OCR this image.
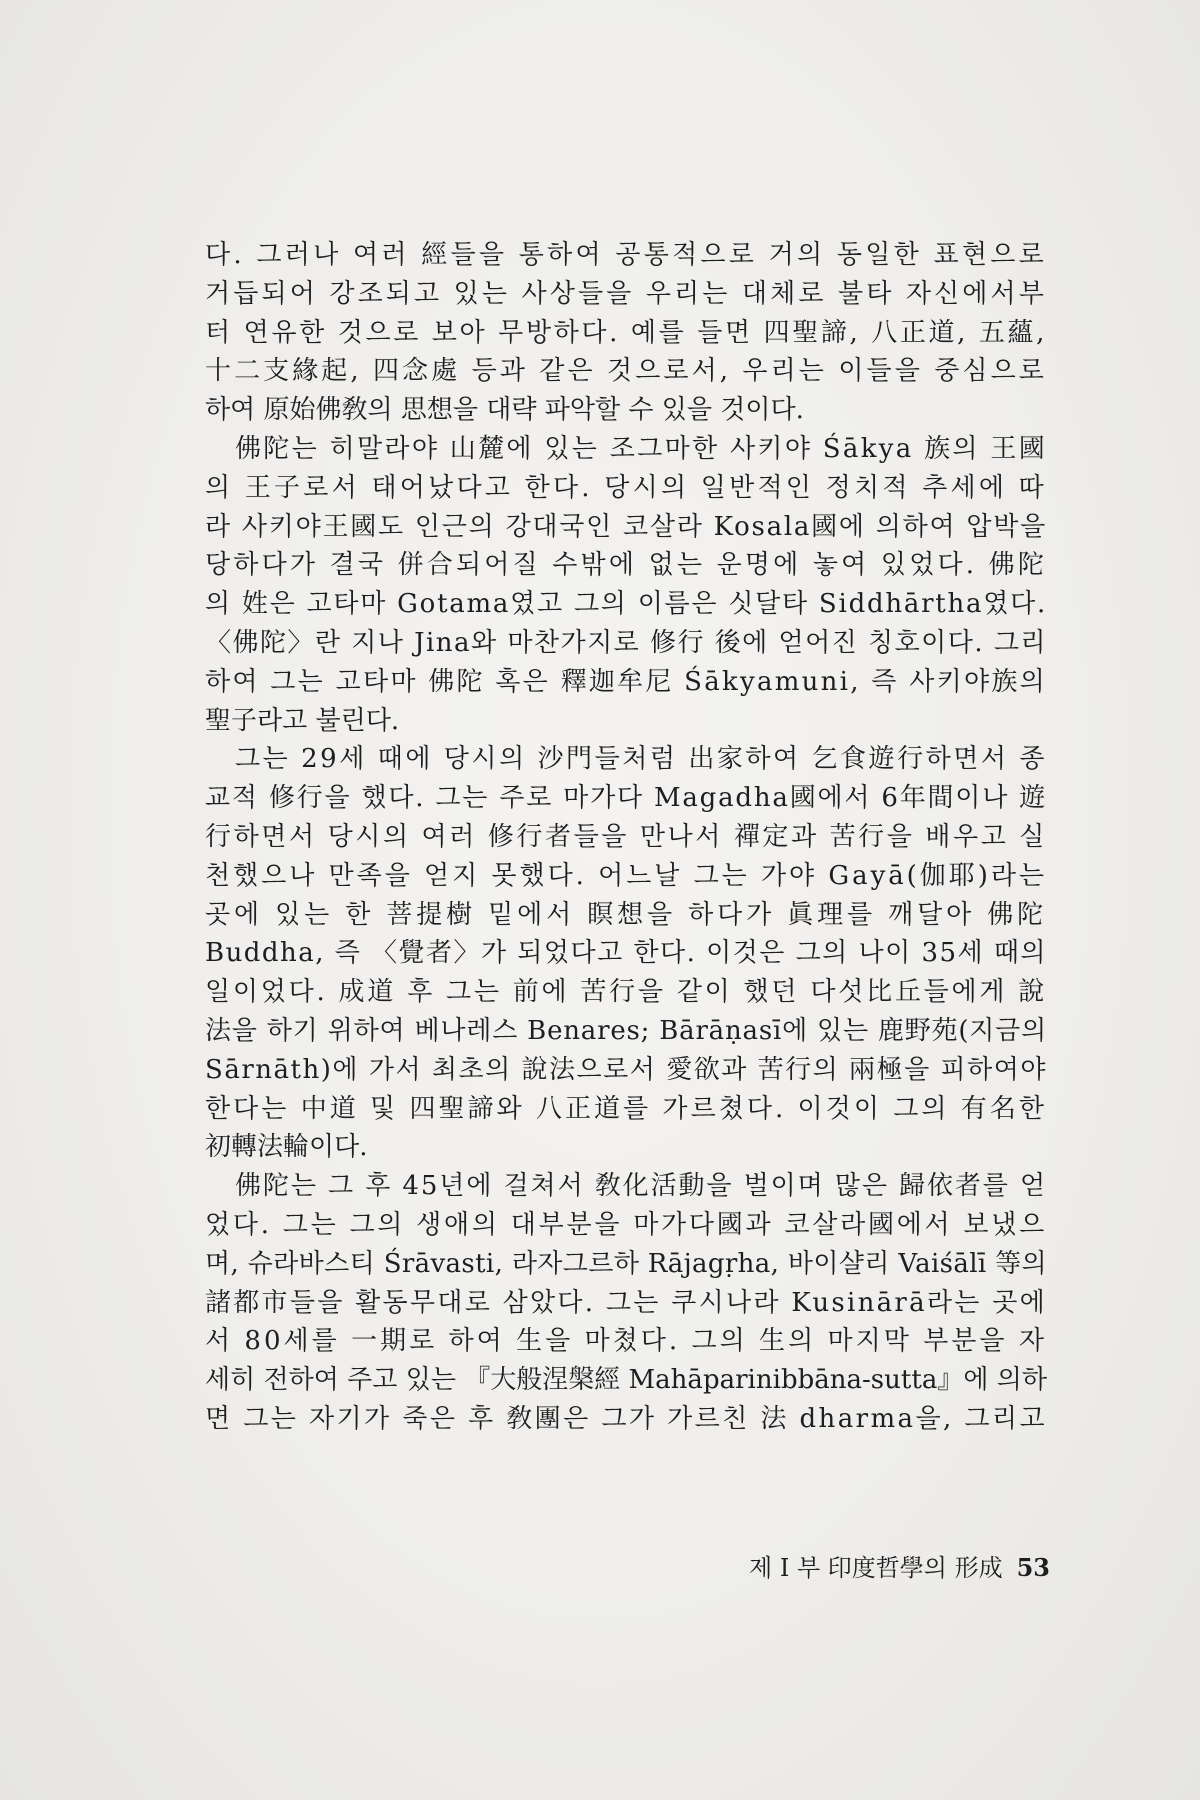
다. 그러나 여러 經들을 통하여 공통적으로 거의 동일한 표현으로
거듭되어 강조되고 있는 사상들을 우리는 대체로 불타 자신에서부
터 연유한 것으로 보아 무방하다. 예를 들면 四聖諦, 八正道, 五蘊,
十二支緣起, 四念處 등과 같은 것으로서, 우리는 이들을 중심으로
하여 原始佛敎의 思想을 대략 파악할 수 있을 것이다.
佛陀는 히말라야 山麓에 있는 조그마한 사키야 Śākya 族의 王國
의 王子로서 태어났다고 한다. 당시의 일반적인 정치적 추세에 따
라 사키야王國도 인근의 강대국인 코살라 Kosala國에 의하여 압박을
당하다가 결국 併合되어질 수밖에 없는 운명에 놓여 있었다. 佛陀
의 姓은 고타마 Gotama였고 그의 이름은 싯달타 Siddhārtha였다.
〈佛陀〉란 지나 Jina와 마찬가지로 修行 後에 얻어진 칭호이다. 그리
하여 그는 고타마 佛陀 혹은 釋迦牟尼 Śākyamuni, 즉 사키야族의
聖子라고 불린다.
그는 29세 때에 당시의 沙門들처럼 出家하여 乞食遊行하면서 종
교적 修行을 했다. 그는 주로 마가다 Magadha國에서 6年間이나 遊
行하면서 당시의 여러 修行者들을 만나서 禪定과 苦行을 배우고 실
천했으나 만족을 얻지 못했다. 어느날 그는 가야 Gayā(伽耶)라는
곳에 있는 한 菩提樹 밑에서 瞑想을 하다가 眞理를 깨달아 佛陀
Buddha, 즉 〈覺者〉가 되었다고 한다. 이것은 그의 나이 35세 때의
일이었다. 成道 후 그는 前에 苦行을 같이 했던 다섯比丘들에게 說
法을 하기 위하여 베나레스 Benares; Bārāṇasī에 있는 鹿野苑(지금의
Sārnāth)에 가서 최초의 說法으로서 愛欲과 苦行의 兩極을 피하여야
한다는 中道 및 四聖諦와 八正道를 가르쳤다. 이것이 그의 有名한
初轉法輪이다.
佛陀는 그 후 45년에 걸쳐서 敎化活動을 벌이며 많은 歸依者를 얻
었다. 그는 그의 생애의 대부분을 마가다國과 코살라國에서 보냈으
며, 슈라바스티 Śrāvasti, 라자그르하 Rājagṛha, 바이샬리 Vaiśālī 等의
諸都市들을 활동무대로 삼았다. 그는 쿠시나라 Kusinārā라는 곳에
서 80세를 一期로 하여 生을 마쳤다. 그의 生의 마지막 부분을 자
세히 전하여 주고 있는 『大般涅槃經 Mahāparinibbāna-sutta』에 의하
면 그는 자기가 죽은 후 敎團은 그가 가르친 法 dharma을, 그리고
제 I 부 印度哲學의 形成 53
